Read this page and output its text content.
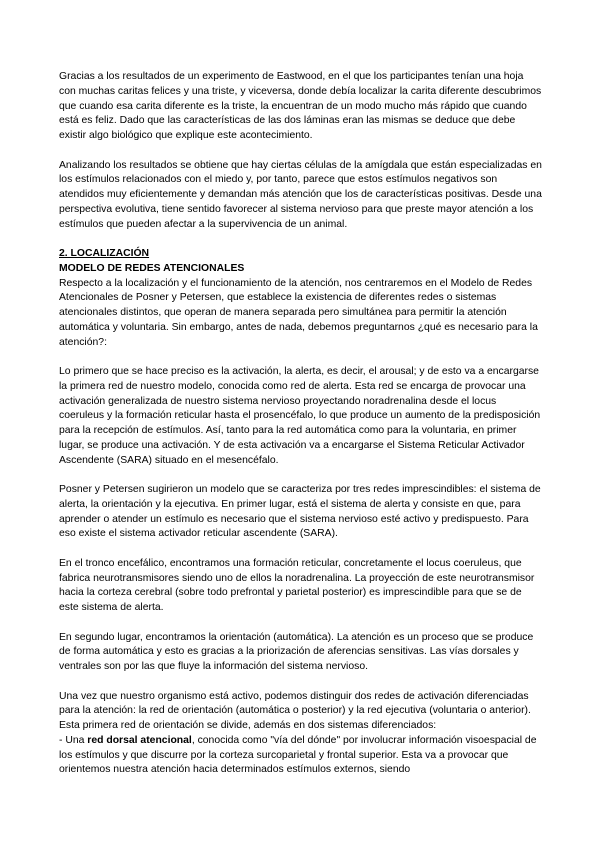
Gracias a los resultados de un experimento de Eastwood, en el que los participantes tenían una hoja con muchas caritas felices y una triste, y viceversa, donde debía localizar la carita diferente descubrimos que cuando esa carita diferente es la triste, la encuentran de un modo mucho más rápido que cuando está es feliz. Dado que las características de las dos láminas eran las mismas se deduce que debe existir algo biológico que explique este acontecimiento.

Analizando los resultados se obtiene que hay ciertas células de la amígdala que están especializadas en los estímulos relacionados con el miedo y, por tanto, parece que estos estímulos negativos son atendidos muy eficientemente y demandan más atención que los de características positivas. Desde una perspectiva evolutiva, tiene sentido favorecer al sistema nervioso para que preste mayor atención a los estímulos que pueden afectar a la supervivencia de un animal.

2. LOCALIZACIÓN

MODELO DE REDES ATENCIONALES

Respecto a la localización y el funcionamiento de la atención, nos centraremos en el Modelo de Redes Atencionales de Posner y Petersen, que establece la existencia de diferentes redes o sistemas atencionales distintos, que operan de manera separada pero simultánea para permitir la atención automática y voluntaria. Sin embargo, antes de nada, debemos preguntarnos ¿qué es necesario para la atención?:

Lo primero que se hace preciso es la activación, la alerta, es decir, el arousal; y de esto va a encargarse la primera red de nuestro modelo, conocida como red de alerta. Esta red se encarga de provocar una activación generalizada de nuestro sistema nervioso proyectando noradrenalina desde el locus coeruleus y la formación reticular hasta el prosencéfalo, lo que produce un aumento de la predisposición para la recepción de estímulos. Así, tanto para la red automática como para la voluntaria, en primer lugar, se produce una activación. Y de esta activación va a encargarse el Sistema Reticular Activador Ascendente (SARA) situado en el mesencéfalo.

Posner y Petersen sugirieron un modelo que se caracteriza por tres redes imprescindibles: el sistema de alerta, la orientación y la ejecutiva. En primer lugar, está el sistema de alerta y consiste en que, para aprender o atender un estímulo es necesario que el sistema nervioso esté activo y predispuesto. Para eso existe el sistema activador reticular ascendente (SARA).

En el tronco encefálico, encontramos una formación reticular, concretamente el locus coeruleus, que fabrica neurotransmisores siendo uno de ellos la noradrenalina. La proyección de este neurotransmisor hacia la corteza cerebral (sobre todo prefrontal y parietal posterior) es imprescindible para que se de este sistema de alerta.

En segundo lugar, encontramos la orientación (automática). La atención es un proceso que se produce de forma automática y esto es gracias a la priorización de aferencias sensitivas. Las vías dorsales y ventrales son por las que fluye la información del sistema nervioso.

Una vez que nuestro organismo está activo, podemos distinguir dos redes de activación diferenciadas para la atención: la red de orientación (automática o posterior) y la red ejecutiva (voluntaria o anterior). Esta primera red de orientación se divide, además en dos sistemas diferenciados:

- Una red dorsal atencional, conocida como "vía del dónde" por involucrar información visoespacial de los estímulos y que discurre por la corteza surcoparietal y frontal superior. Esta va a provocar que orientemos nuestra atención hacia determinados estímulos externos, siendo
